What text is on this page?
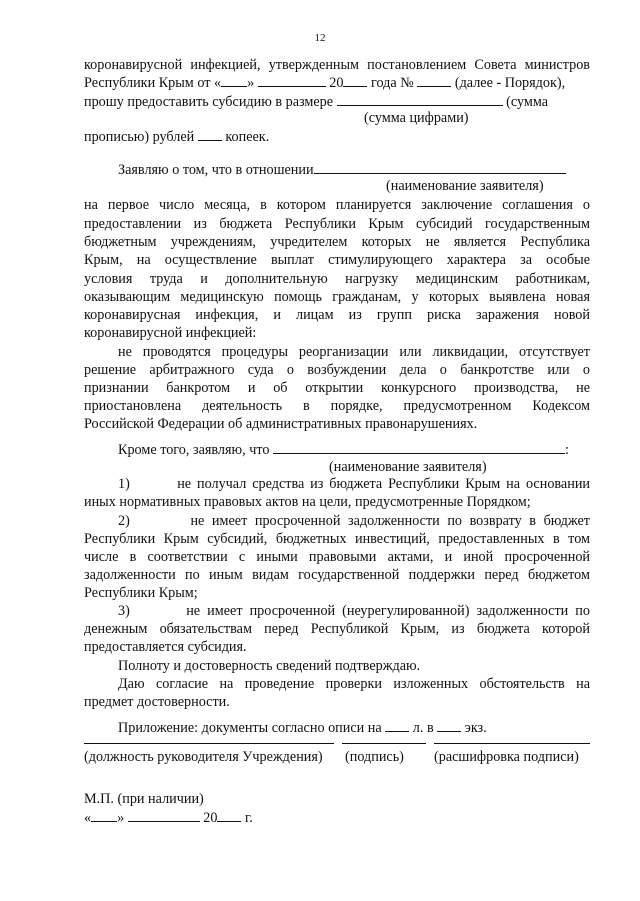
12
коронавирусной инфекцией, утвержденным постановлением Совета министров
Республики Крым от « »	20 года №	(далее - Порядок),
прошу предоставить субсидию в размере	(сумма
(сумма цифрами)
прописью) рублей копеек.
Заявляю о том, что в отношении
(наименование заявителя)
на первое число месяца, в котором планируется заключение соглашения о
предоставлении из бюджета Республики Крым субсидий государственным
бюджетным учреждениям, учредителем которых не является Республика
Крым, на осуществление выплат стимулирующего характера за особые
условия труда и дополнительную нагрузку медицинским работникам,
оказывающим медицинскую помощь гражданам, у которых выявлена новая
коронавирусная инфекция, и лицам из групп риска заражения новой
коронавирусной инфекцией:
не проводятся процедуры реорганизации или ликвидации, отсутствует
решение арбитражного суда о возбуждении дела о банкротстве или о
признании банкротом и об открытии конкурсного производства, не
приостановлена деятельность в порядке, предусмотренном Кодексом
Российской Федерации об административных правонарушениях.
Кроме того, заявляю, что	:
(наименование заявителя)
1)	не получал средства из бюджета Республики Крым на основании
иных нормативных правовых актов на цели, предусмотренные Порядком;
2)	не имеет просроченной задолженности по возврату в бюджет
Республики Крым субсидий, бюджетных инвестиций, предоставленных в том
числе в соответствии с иными правовыми актами, и иной просроченной
задолженности по иным видам государственной поддержки перед бюджетом
Республики Крым;
3)	не имеет просроченной (неурегулированной) задолженности по
денежным обязательствам перед Республикой Крым, из бюджета которой
предоставляется субсидия.
Полноту и достоверность сведений подтверждаю.
Даю согласие на проведение проверки изложенных обстоятельств на
предмет достоверности.
Приложение: документы согласно описи на л. в экз.
(должность руководителя Учреждения) (подпись) (расшифровка подписи)
М.П. (при наличии)
« »	20 г.
